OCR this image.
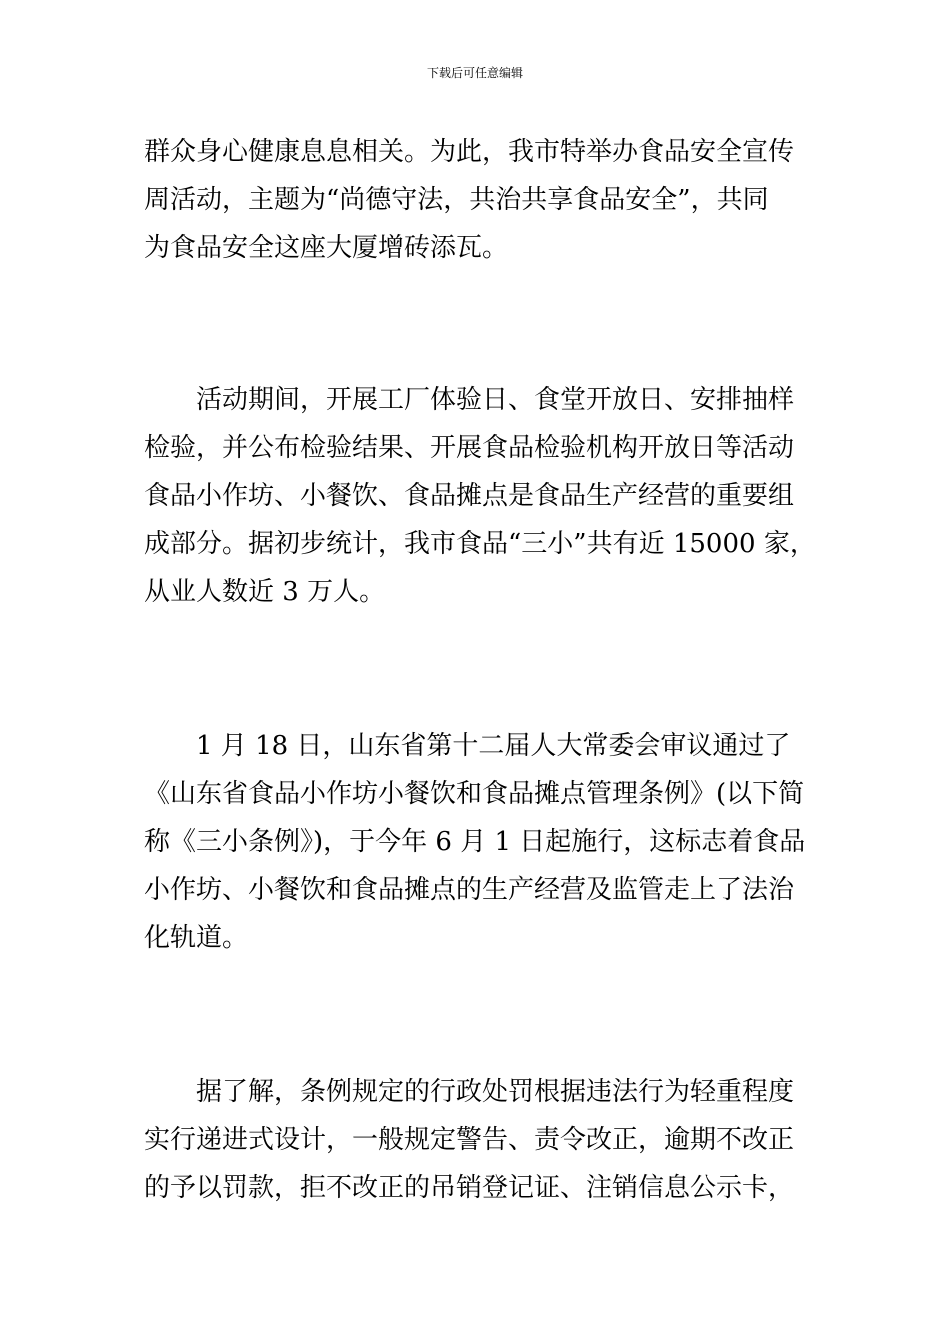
下载后可任意编辑
群众身心健康息息相关。为此，我市特举办食品安全宣传
周活动，主题为“尚德守法，共治共享食品安全”，共同
为食品安全这座大厦增砖添瓦。
　　活动期间，开展工厂体验日、食堂开放日、安排抽样
检验，并公布检验结果、开展食品检验机构开放日等活动
食品小作坊、小餐饮、食品摊点是食品生产经营的重要组
成部分。据初步统计，我市食品“三小”共有近 15000 家，
从业人数近 3 万人。
　　1 月 18 日，山东省第十二届人大常委会审议通过了
《山东省食品小作坊小餐饮和食品摊点管理条例》(以下简
称《三小条例》)，于今年 6 月 1 日起施行，这标志着食品
小作坊、小餐饮和食品摊点的生产经营及监管走上了法治
化轨道。
　　据了解，条例规定的行政处罚根据违法行为轻重程度
实行递进式设计，一般规定警告、责令改正，逾期不改正
的予以罚款，拒不改正的吊销登记证、注销信息公示卡，
